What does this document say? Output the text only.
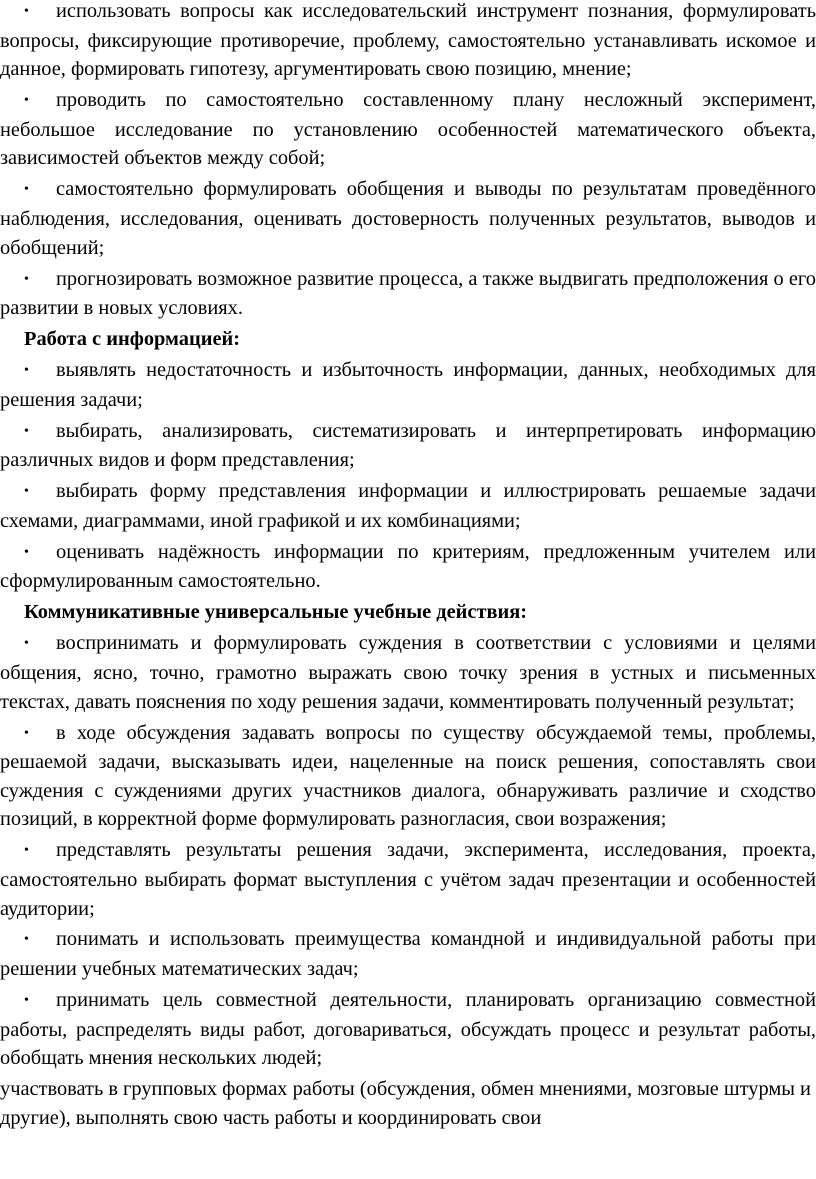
• использовать вопросы как исследовательский инструмент познания, формулировать вопросы, фиксирующие противоречие, проблему, самостоятельно устанавливать искомое и данное, формировать гипотезу, аргументировать свою позицию, мнение;

• проводить по самостоятельно составленному плану несложный эксперимент, небольшое исследование по установлению особенностей математического объекта, зависимостей объектов между собой;

• самостоятельно формулировать обобщения и выводы по результатам проведённого наблюдения, исследования, оценивать достоверность полученных результатов, выводов и обобщений;

• прогнозировать возможное развитие процесса, а также выдвигать предположения о его развитии в новых условиях.

Работа с информацией:

• выявлять недостаточность и избыточность информации, данных, необходимых для решения задачи;

• выбирать, анализировать, систематизировать и интерпретировать информацию различных видов и форм представления;

• выбирать форму представления информации и иллюстрировать решаемые задачи схемами, диаграммами, иной графикой и их комбинациями;

• оценивать надёжность информации по критериям, предложенным учителем или сформулированным самостоятельно.

Коммуникативные универсальные учебные действия:

• воспринимать и формулировать суждения в соответствии с условиями и целями общения, ясно, точно, грамотно выражать свою точку зрения в устных и письменных текстах, давать пояснения по ходу решения задачи, комментировать полученный результат;

• в ходе обсуждения задавать вопросы по существу обсуждаемой темы, проблемы, решаемой задачи, высказывать идеи, нацеленные на поиск решения, сопоставлять свои суждения с суждениями других участников диалога, обнаруживать различие и сходство позиций, в корректной форме формулировать разногласия, свои возражения;

• представлять результаты решения задачи, эксперимента, исследования, проекта, самостоятельно выбирать формат выступления с учётом задач презентации и особенностей аудитории;

• понимать и использовать преимущества командной и индивидуальной работы при решении учебных математических задач;

• принимать цель совместной деятельности, планировать организацию совместной работы, распределять виды работ, договариваться, обсуждать процесс и результат работы, обобщать мнения нескольких людей;

участвовать в групповых формах работы (обсуждения, обмен мнениями, мозговые штурмы и другие), выполнять свою часть работы и координировать свои
